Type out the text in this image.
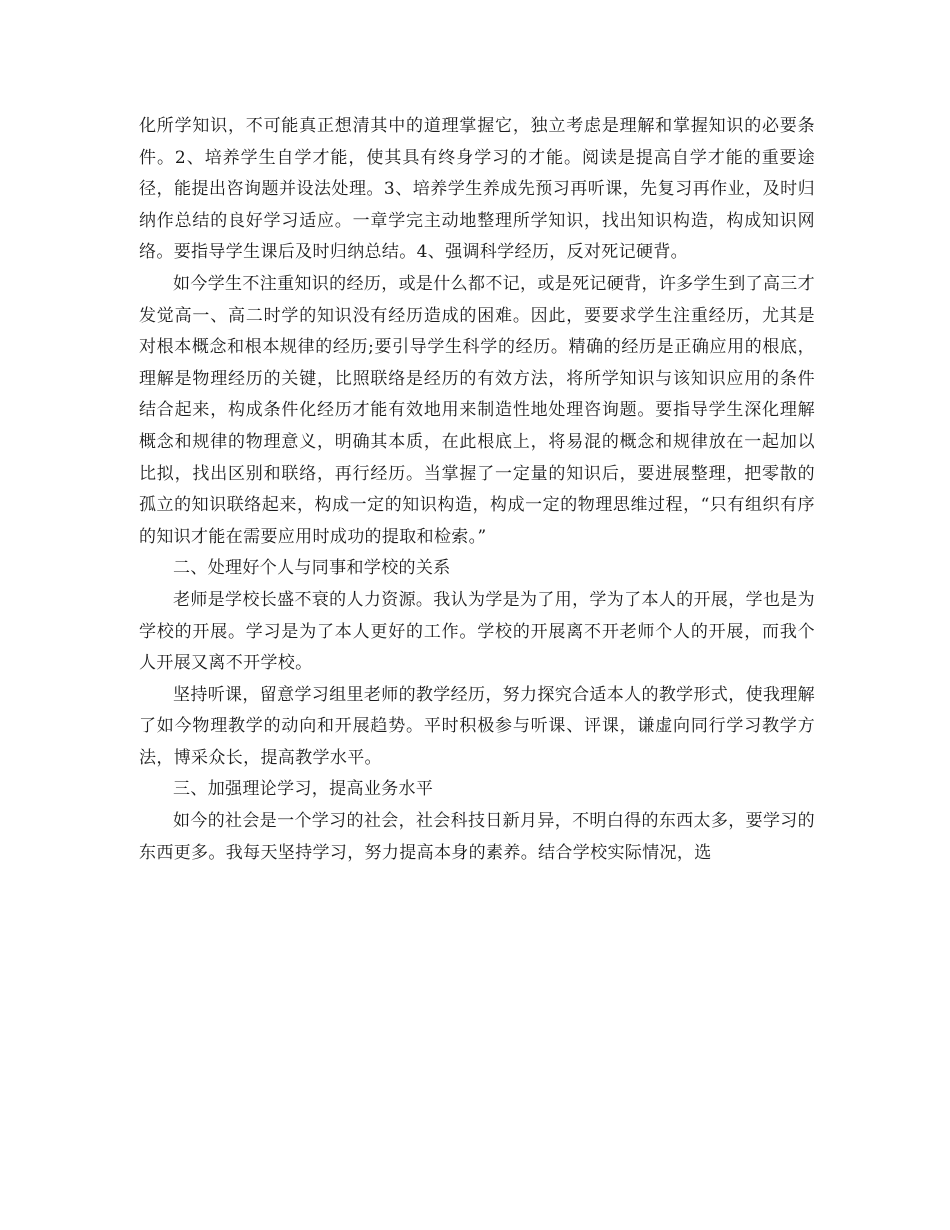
化所学知识，不可能真正想清其中的道理掌握它，独立考虑是理解和掌握知识的必要条件。2、培养学生自学才能，使其具有终身学习的才能。阅读是提高自学才能的重要途径，能提出咨询题并设法处理。3、培养学生养成先预习再听课，先复习再作业，及时归纳作总结的良好学习适应。一章学完主动地整理所学知识，找出知识构造，构成知识网络。要指导学生课后及时归纳总结。4、强调科学经历，反对死记硬背。

如今学生不注重知识的经历，或是什么都不记，或是死记硬背，许多学生到了高三才发觉高一、高二时学的知识没有经历造成的困难。因此，要要求学生注重经历，尤其是对根本概念和根本规律的经历;要引导学生科学的经历。精确的经历是正确应用的根底，理解是物理经历的关键，比照联络是经历的有效方法，将所学知识与该知识应用的条件结合起来，构成条件化经历才能有效地用来制造性地处理咨询题。要指导学生深化理解概念和规律的物理意义，明确其本质，在此根底上，将易混的概念和规律放在一起加以比拟，找出区别和联络，再行经历。当掌握了一定量的知识后，要进展整理，把零散的孤立的知识联络起来，构成一定的知识构造，构成一定的物理思维过程，“只有组织有序的知识才能在需要应用时成功的提取和检索。”

二、处理好个人与同事和学校的关系

老师是学校长盛不衰的人力资源。我认为学是为了用，学为了本人的开展，学也是为学校的开展。学习是为了本人更好的工作。学校的开展离不开老师个人的开展，而我个人开展又离不开学校。

坚持听课，留意学习组里老师的教学经历，努力探究合适本人的教学形式，使我理解了如今物理教学的动向和开展趋势。平时积极参与听课、评课，谦虚向同行学习教学方法，博采众长，提高教学水平。

三、加强理论学习，提高业务水平

如今的社会是一个学习的社会，社会科技日新月异，不明白得的东西太多，要学习的东西更多。我每天坚持学习，努力提高本身的素养。结合学校实际情况，选
